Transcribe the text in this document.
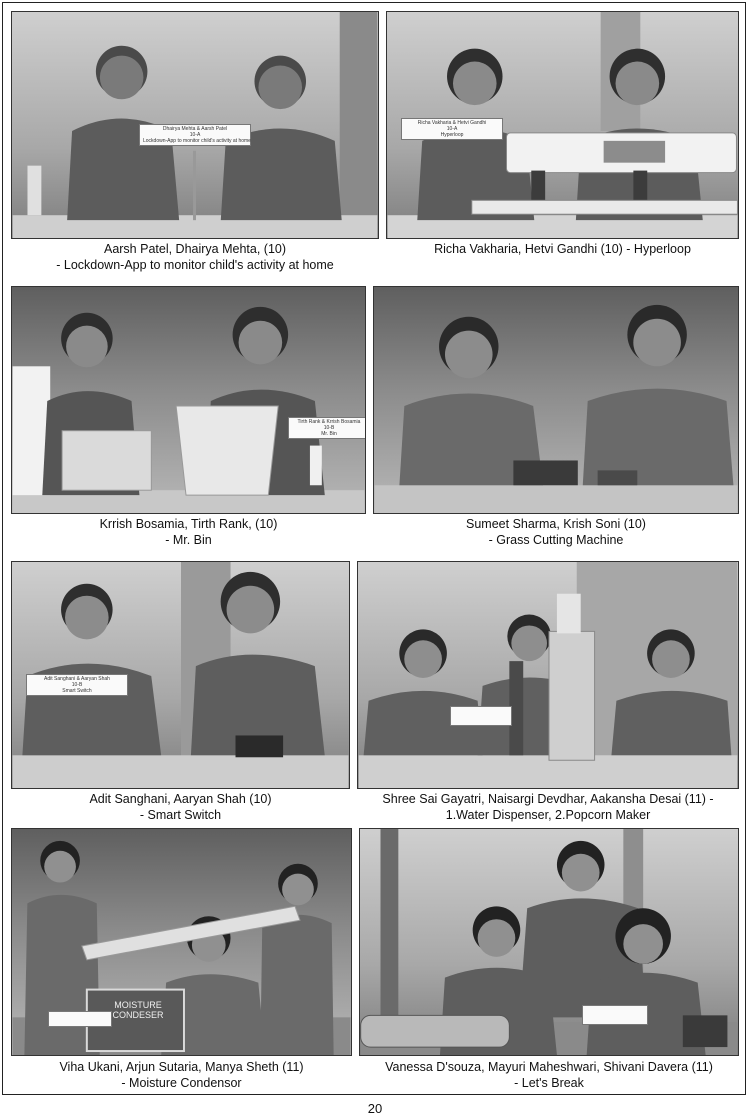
Dhairya Mehta & Aarsh Patel
10-A
Lockdown-App to monitor child's activity at home
Aarsh Patel, Dhairya Mehta, (10)
- Lockdown-App to monitor child's activity at home
Richa Vakharia & Hetvi Gandhi
10-A
Hyperloop
Richa Vakharia, Hetvi Gandhi (10) - Hyperloop
Tirth Rank & Krrish Bosamia
10-B
Mr. Bin
Krrish Bosamia, Tirth Rank, (10)
- Mr. Bin
Sumeet Sharma, Krish Soni (10)
- Grass Cutting Machine
Adit Sanghani & Aaryan Shah
10-B
Smart Switch
Adit Sanghani, Aaryan Shah (10)
- Smart Switch
Shree Sai Gayatri, Naisargi Devdhar, Aakansha Desai (11) -
1.Water Dispenser, 2.Popcorn Maker
MOISTURE
CONDESER
Viha Ukani, Arjun Sutaria, Manya Sheth (11)
- Moisture Condensor
Vanessa D'souza, Mayuri Maheshwari, Shivani Davera (11)
- Let's Break
20
